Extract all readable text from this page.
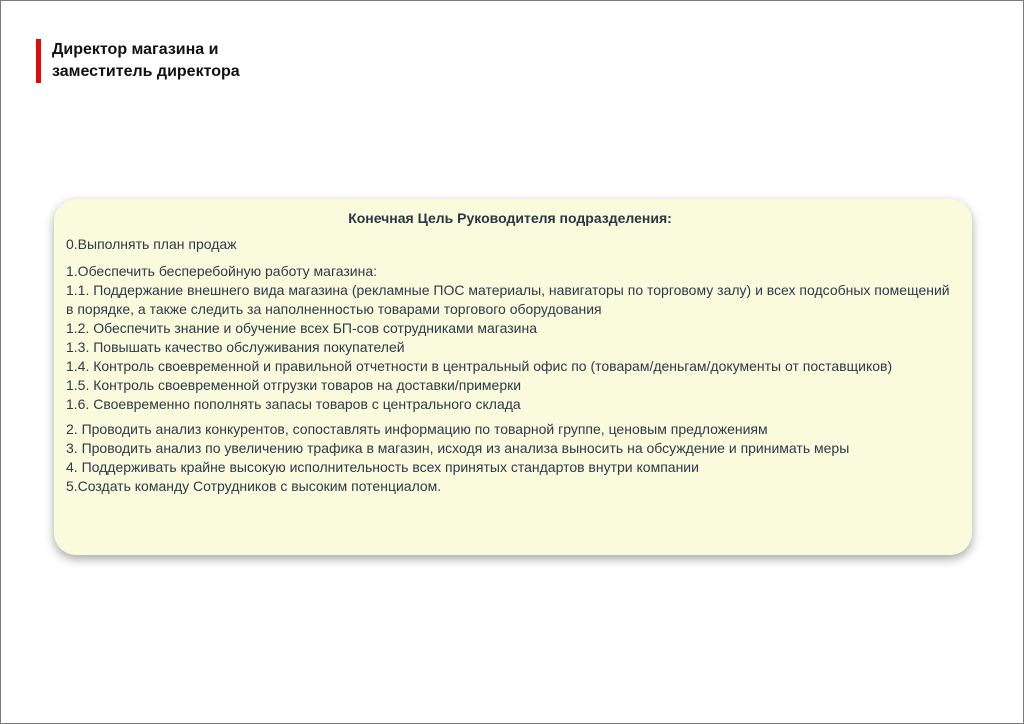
Директор магазина и
заместитель директора
Конечная Цель Руководителя подразделения:
0.Выполнять план продаж
1.Обеспечить бесперебойную работу магазина:
1.1. Поддержание внешнего вида магазина (рекламные ПОС материалы, навигаторы по торговому залу) и всех подсобных помещений в порядке, а также следить за наполненностью товарами торгового оборудования
1.2. Обеспечить знание и обучение всех БП-сов сотрудниками магазина
1.3. Повышать качество обслуживания покупателей
1.4. Контроль своевременной и правильной отчетности в центральный офис по (товарам/деньгам/документы от поставщиков)
1.5. Контроль своевременной отгрузки товаров на доставки/примерки
1.6. Своевременно пополнять запасы товаров с центрального склада
2. Проводить анализ конкурентов, сопоставлять информацию по товарной группе, ценовым предложениям
3. Проводить анализ по увеличению трафика в магазин, исходя из анализа выносить на обсуждение и принимать меры
4. Поддерживать крайне высокую исполнительность всех принятых стандартов внутри компании
5.Создать команду Сотрудников с высоким потенциалом.
